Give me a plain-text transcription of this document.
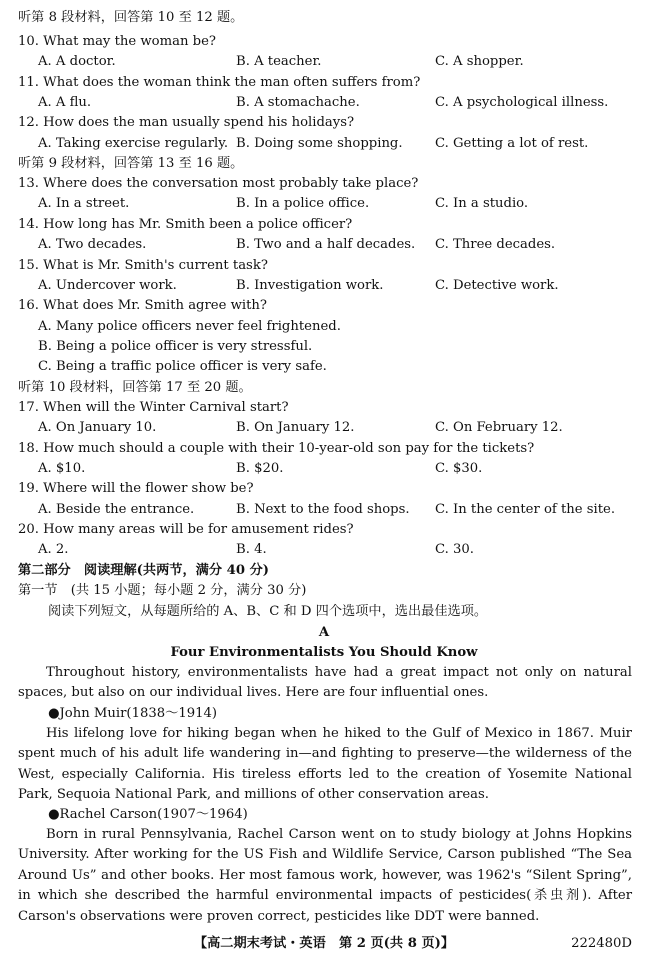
听第 8 段材料，回答第 10 至 12 题。
10. What may the woman be?
A. A doctor.	B. A teacher.	C. A shopper.
11. What does the woman think the man often suffers from?
A. A flu.	B. A stomachache.	C. A psychological illness.
12. How does the man usually spend his holidays?
A. Taking exercise regularly. B. Doing some shopping. C. Getting a lot of rest.
听第 9 段材料，回答第 13 至 16 题。
13. Where does the conversation most probably take place?
A. In a street.	B. In a police office.	C. In a studio.
14. How long has Mr. Smith been a police officer?
A. Two decades.	B. Two and a half decades. C. Three decades.
15. What is Mr. Smith's current task?
A. Undercover work.	B. Investigation work.	C. Detective work.
16. What does Mr. Smith agree with?
A. Many police officers never feel frightened.
B. Being a police officer is very stressful.
C. Being a traffic police officer is very safe.
听第 10 段材料，回答第 17 至 20 题。
17. When will the Winter Carnival start?
A. On January 10.	B. On January 12.	C. On February 12.
18. How much should a couple with their 10-year-old son pay for the tickets?
A. $10.	B. $20.	C. $30.
19. Where will the flower show be?
A. Beside the entrance.	B. Next to the food shops. C. In the center of the site.
20. How many areas will be for amusement rides?
A. 2.	B. 4.	C. 30.
第二部分　阅读理解(共两节，满分 40 分)
第一节　(共 15 小题；每小题 2 分，满分 30 分)
阅读下列短文，从每题所给的 A、B、C 和 D 四个选项中，选出最佳选项。
A
Four Environmentalists You Should Know
Throughout history, environmentalists have had a great impact not only on natural spaces, but also on our individual lives. Here are four influential ones.
●John Muir(1838～1914)
His lifelong love for hiking began when he hiked to the Gulf of Mexico in 1867. Muir spent much of his adult life wandering in—and fighting to preserve—the wilderness of the West, especially California. His tireless efforts led to the creation of Yosemite National Park, Sequoia National Park, and millions of other conservation areas.
●Rachel Carson(1907～1964)
Born in rural Pennsylvania, Rachel Carson went on to study biology at Johns Hopkins University. After working for the US Fish and Wildlife Service, Carson published “The Sea Around Us” and other books. Her most famous work, however, was 1962's “Silent Spring”, in which she described the harmful environmental impacts of pesticides(杀虫剂). After Carson's observations were proven correct, pesticides like DDT were banned.
【高二期末考试・英语　第 2 页(共 8 页)】	222480D
